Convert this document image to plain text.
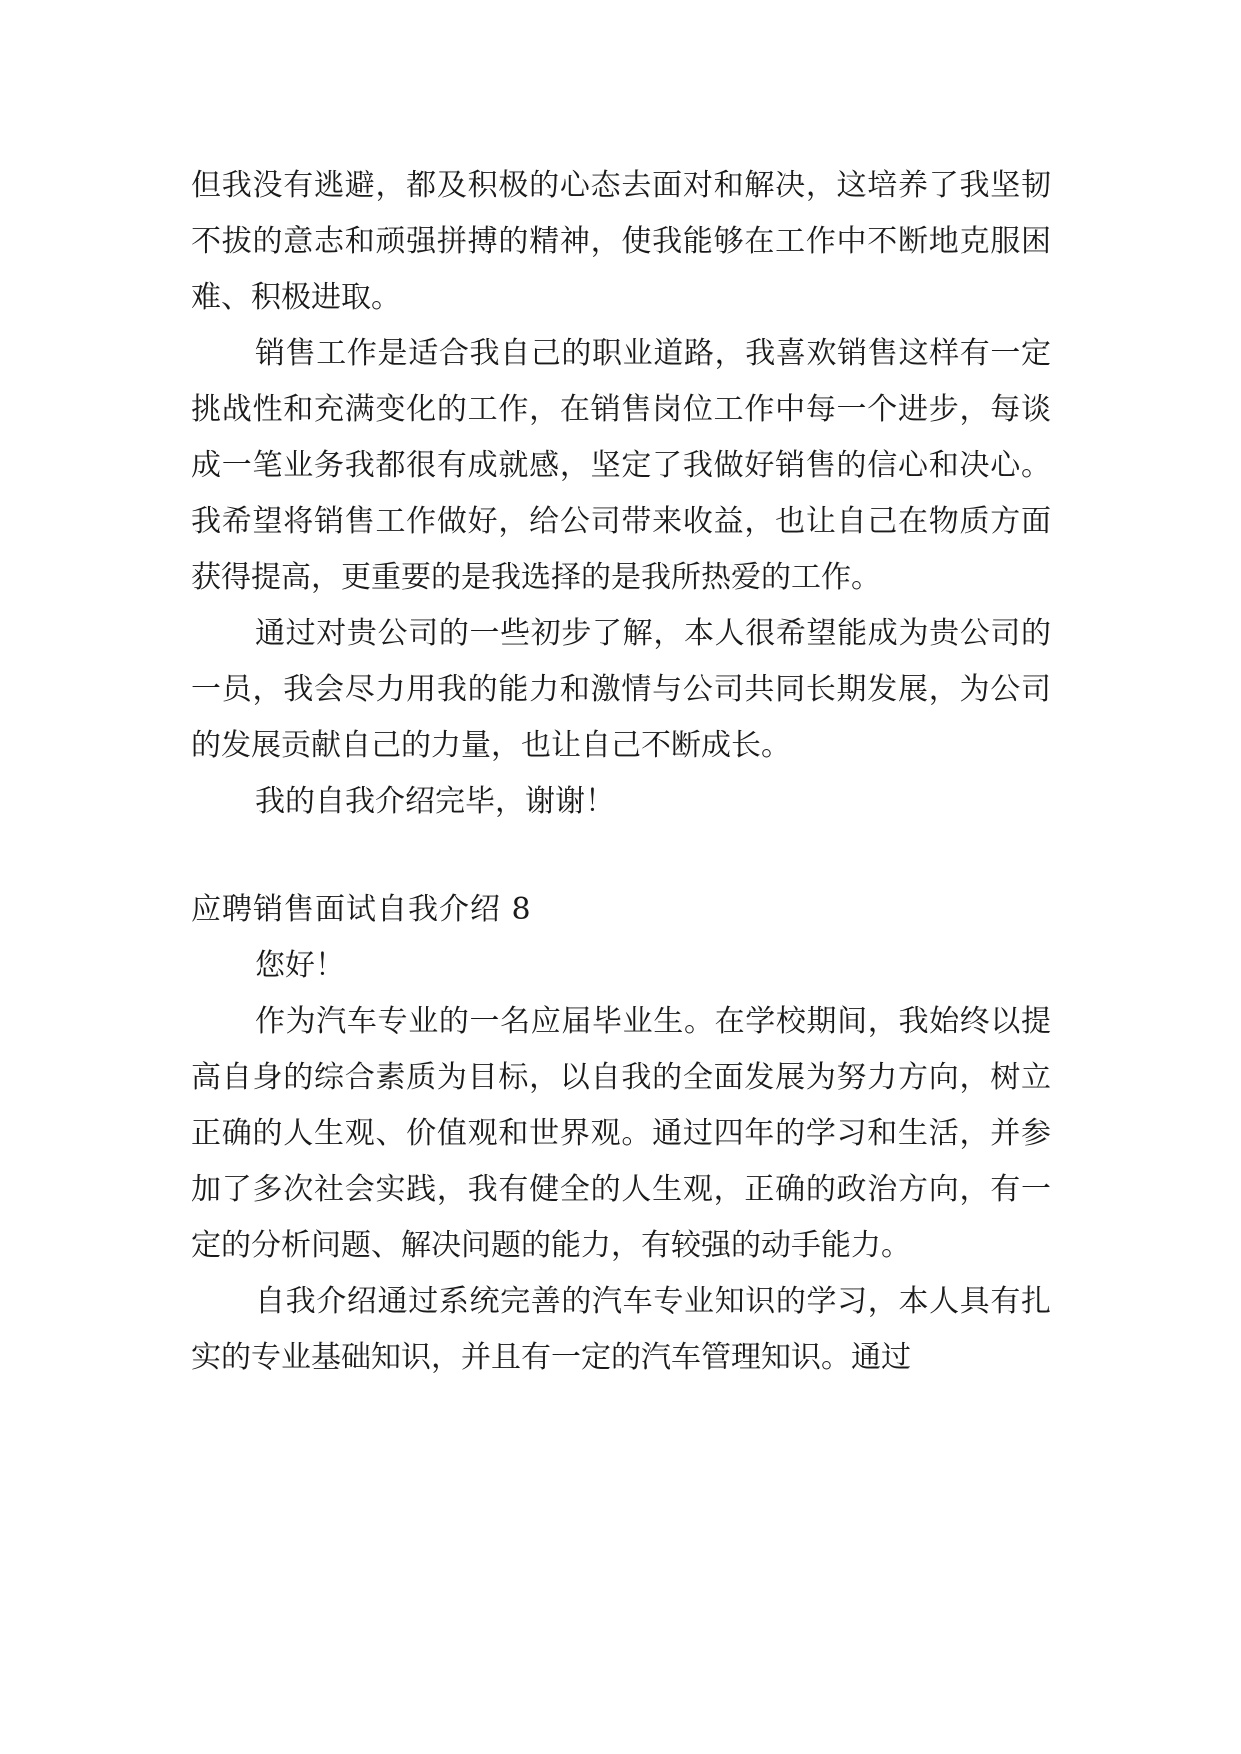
但我没有逃避，都及积极的心态去面对和解决，这培养了我坚韧不拔的意志和顽强拼搏的精神，使我能够在工作中不断地克服困难、积极进取。

销售工作是适合我自己的职业道路，我喜欢销售这样有一定挑战性和充满变化的工作，在销售岗位工作中每一个进步，每谈成一笔业务我都很有成就感，坚定了我做好销售的信心和决心。我希望将销售工作做好，给公司带来收益，也让自己在物质方面获得提高，更重要的是我选择的是我所热爱的工作。

通过对贵公司的一些初步了解，本人很希望能成为贵公司的一员，我会尽力用我的能力和激情与公司共同长期发展，为公司的发展贡献自己的力量，也让自己不断成长。

我的自我介绍完毕，谢谢！

应聘销售面试自我介绍 8

您好！

作为汽车专业的一名应届毕业生。在学校期间，我始终以提高自身的综合素质为目标，以自我的全面发展为努力方向，树立正确的人生观、价值观和世界观。通过四年的学习和生活，并参加了多次社会实践，我有健全的人生观，正确的政治方向，有一定的分析问题、解决问题的能力，有较强的动手能力。

自我介绍通过系统完善的汽车专业知识的学习，本人具有扎实的专业基础知识，并且有一定的汽车管理知识。通过
